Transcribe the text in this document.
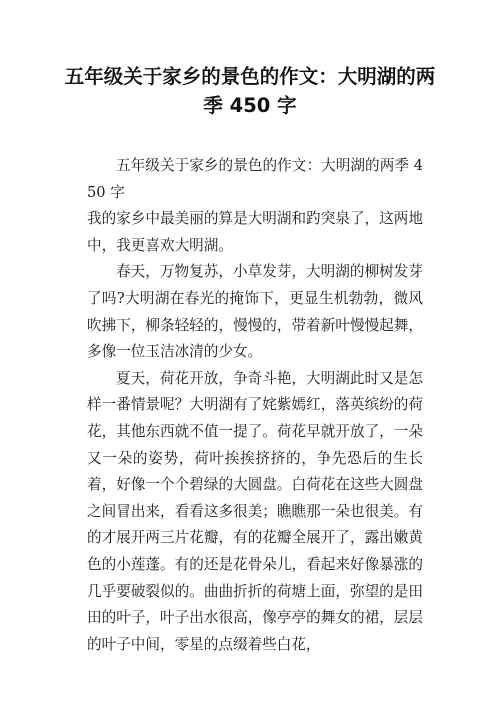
五年级关于家乡的景色的作文：大明湖的两季 450 字

五年级关于家乡的景色的作文：大明湖的两季 450 字

我的家乡中最美丽的算是大明湖和趵突泉了，这两地中，我更喜欢大明湖。

春天，万物复苏，小草发芽，大明湖的柳树发芽了吗?大明湖在春光的掩饰下，更显生机勃勃，微风吹拂下，柳条轻轻的，慢慢的，带着新叶慢慢起舞，多像一位玉洁冰清的少女。

夏天，荷花开放，争奇斗艳，大明湖此时又是怎样一番情景呢？大明湖有了姹紫嫣红，落英缤纷的荷花，其他东西就不值一提了。荷花早就开放了，一朵又一朵的姿势，荷叶挨挨挤挤的，争先恐后的生长着，好像一个个碧绿的大圆盘。白荷花在这些大圆盘之间冒出来，看看这多很美；瞧瞧那一朵也很美。有的才展开两三片花瓣，有的花瓣全展开了，露出嫩黄色的小莲蓬。有的还是花骨朵儿，看起来好像暴涨的几乎要破裂似的。曲曲折折的荷塘上面，弥望的是田田的叶子，叶子出水很高，像亭亭的舞女的裙，层层的叶子中间，零星的点缀着些白花，
